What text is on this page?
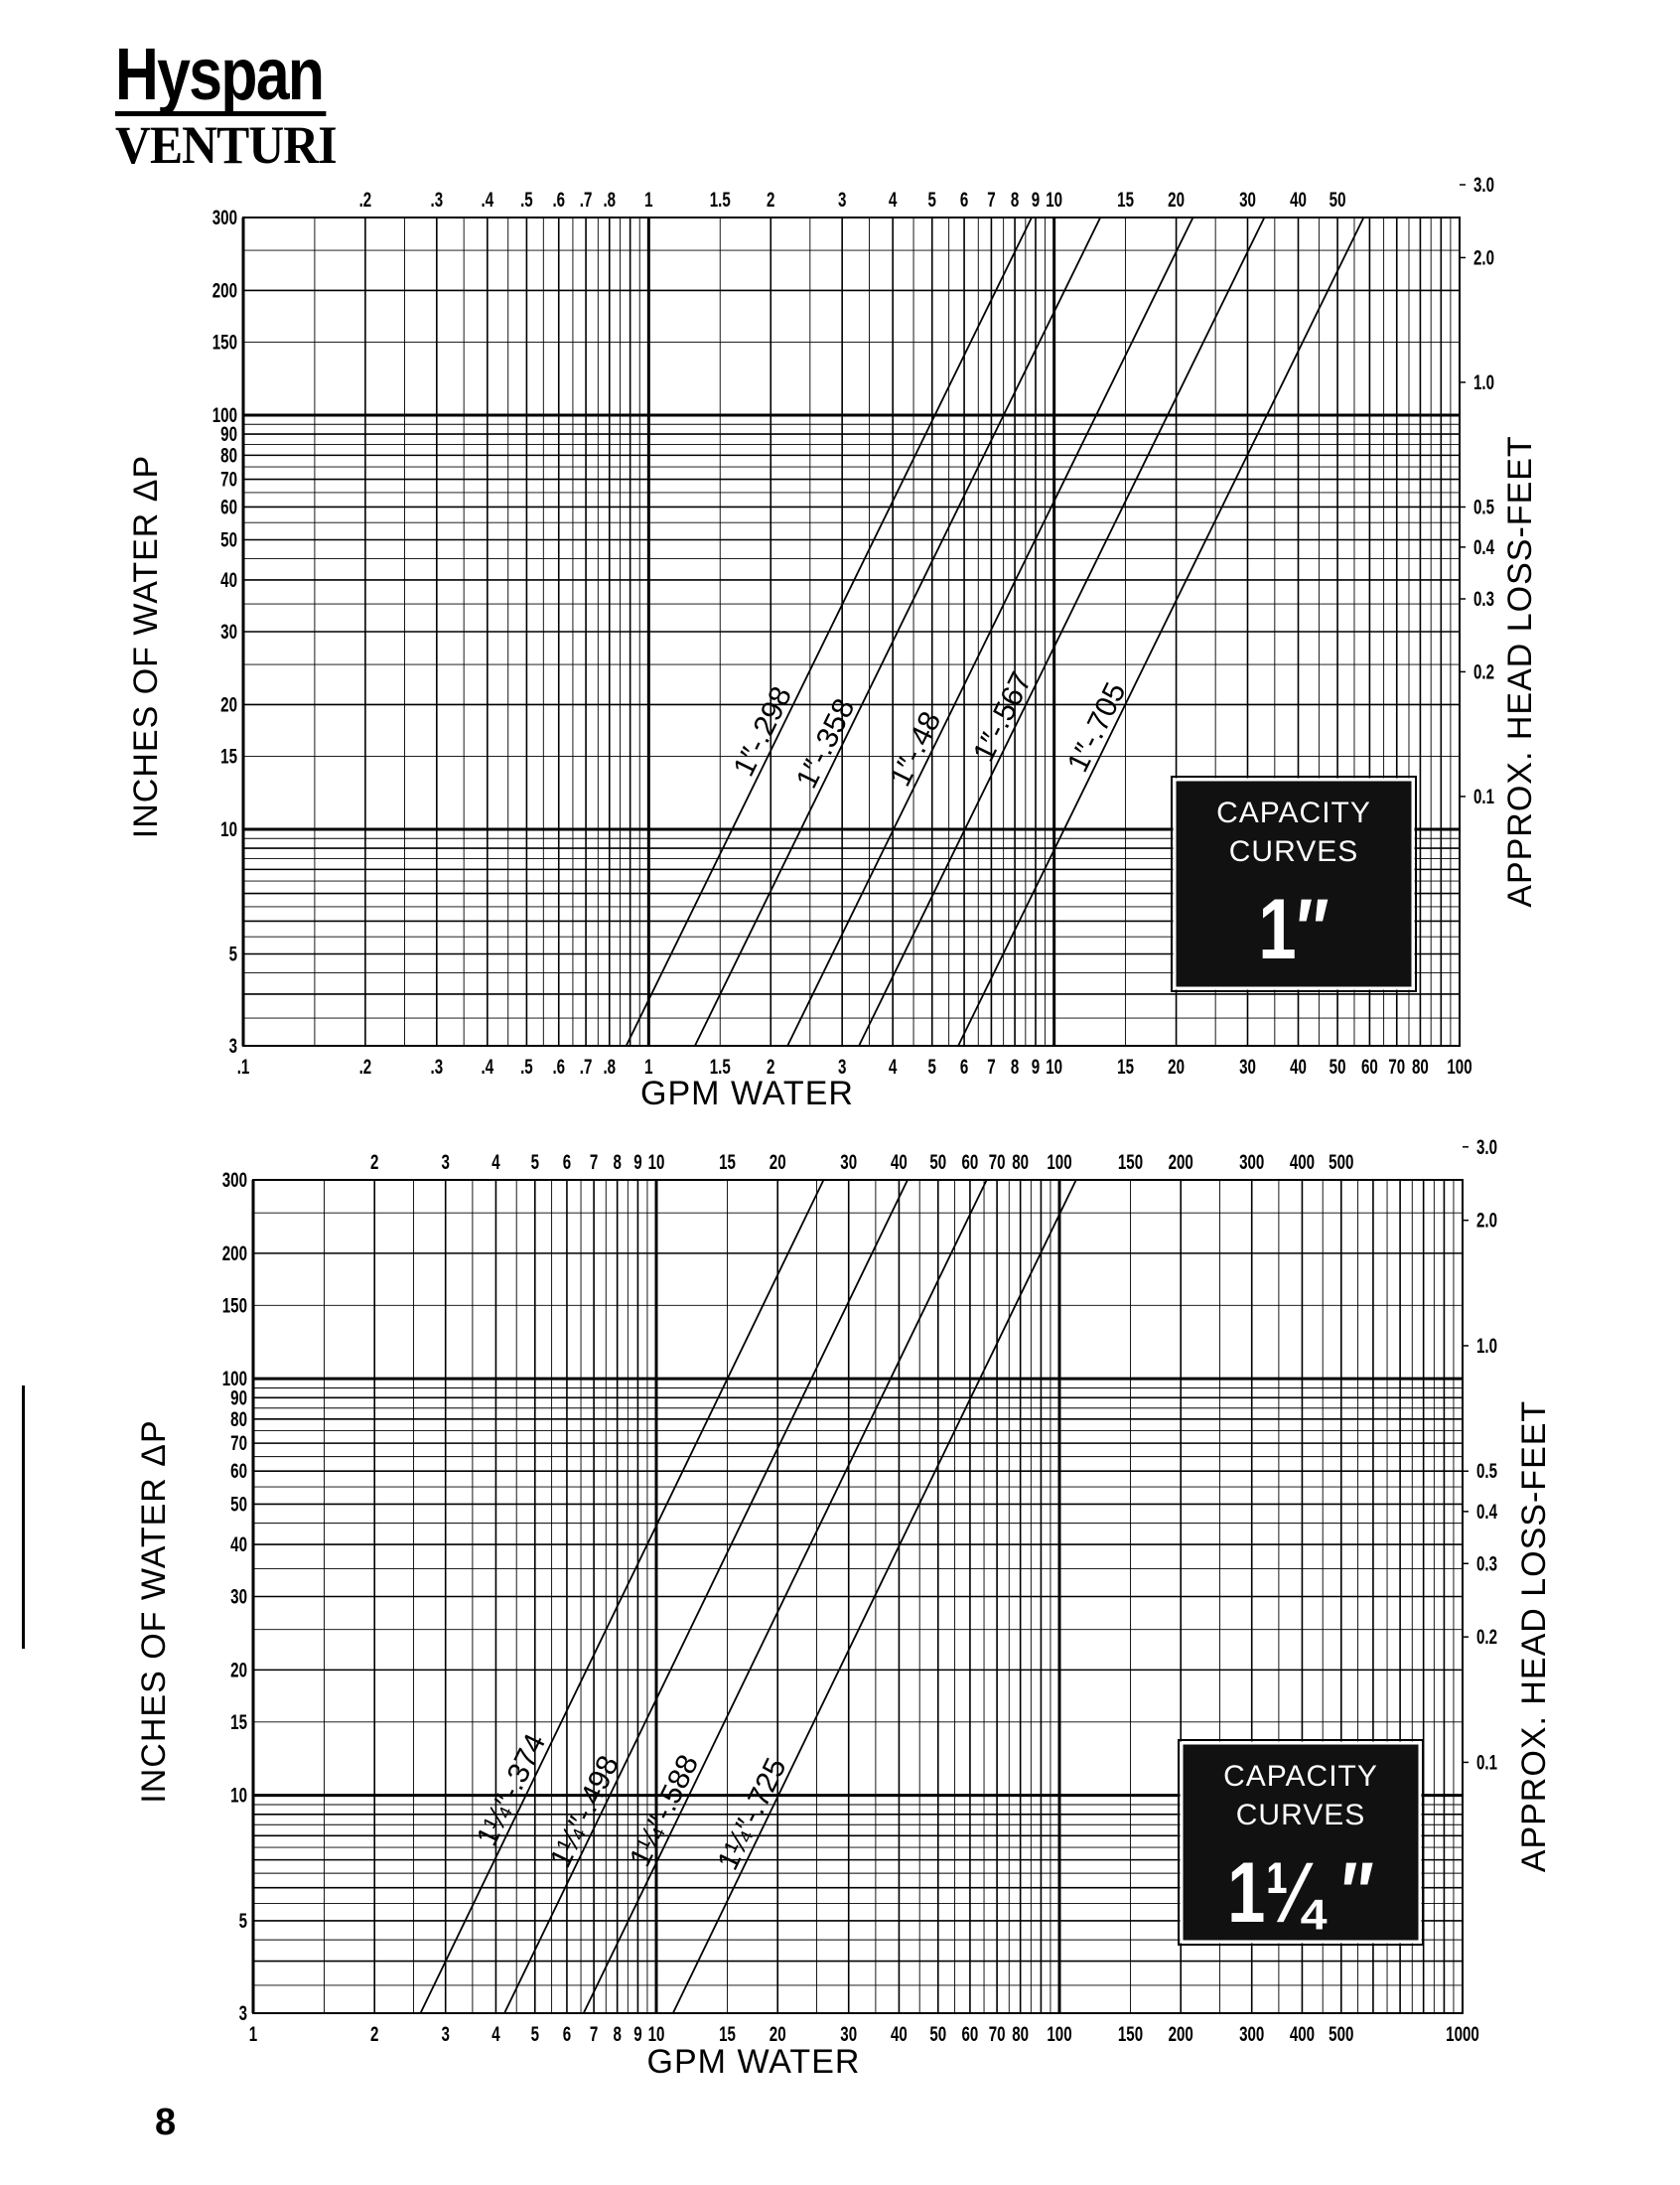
Hyspan
VENTURI
3
5
10
15
20
30
40
50
60
70
80
90
100
150
200
300
0.1
0.2
0.3
0.4
0.5
1.0
2.0
3.0
.1	.2	.3 .4 .5 .6 .7 .8 1	1.5 2	3 4 5 6 7 8 9 10	15 20	30 40 50 60 70 80 100
.2	.3 .4 .5 .6 .7 .8 1	1.5 2	3 4 5 6 7 8 9 10	15 20	30 40 50
GPM WATER
INCHES OF WATER ΔP	APPROX. HEAD LOSS-FEET
1″-.298
1″-.358 1″-.48 1″-.567 1″-.705
CAPACITY
CURVES
1″
3
5
10
15
20
30
40
50
60
70
80
90
100
150
200
300
0.1
0.2
0.3
0.4
0.5
1.0
2.0
3.0
1	2	3 4 5 6 7 8 9 10	15 20	30 40 50 60 70 80 100 150 200 300 400 500	1000
2	3 4 5 6 7 8 9 10	15 20	30 40 50 60 70 80 100 150 200 300 400 500
GPM WATER
INCHES OF WATER ΔP	APPROX. HEAD LOSS-FEET
1¼″-.374
1¼″-.498
1¼″-.588 1¼″-.725	CAPACITY
CURVES
1¼ ″
8
